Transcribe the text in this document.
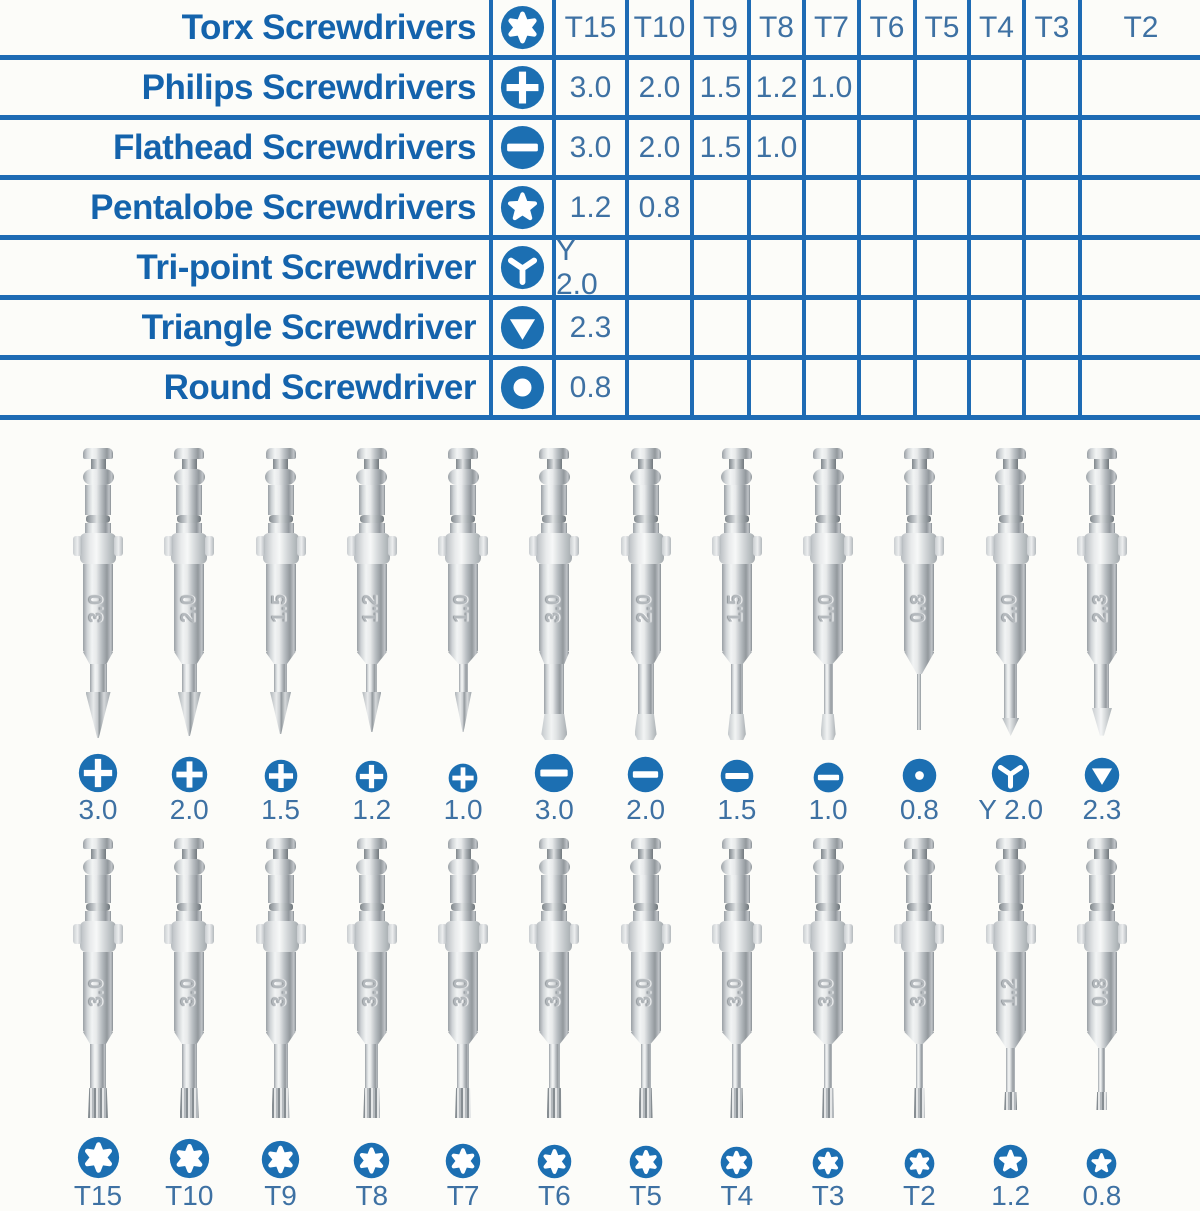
Torx Screwdrivers	T15 T10 T9 T8 T7 T6 T5 T4 T3	T2
Philips Screwdrivers	3.0 2.0 1.5 1.2 1.0
Flathead Screwdrivers	3.0 2.0 1.5 1.0
Pentalobe Screwdrivers	1.2 0.8
Tri-point Screwdriver	Y 2.0
Triangle Screwdriver	2.3
Round Screwdriver	0.8
3.0	2.0	1.5	1.2	1.0	3.0	2.0	1.5	1.0	0.8	2.0	2.3
3.0 2.0 1.5 1.2 1.0 3.0 2.0 1.5 1.0 0.8 Y 2.0 2.3
3.0	3.0	3.0	3.0	3.0	3.0	3.0	3.0	3.0	3.0	1.2	0.8
T15 T10 T9 T8 T7 T6 T5 T4 T3 T2 1.2 0.8
